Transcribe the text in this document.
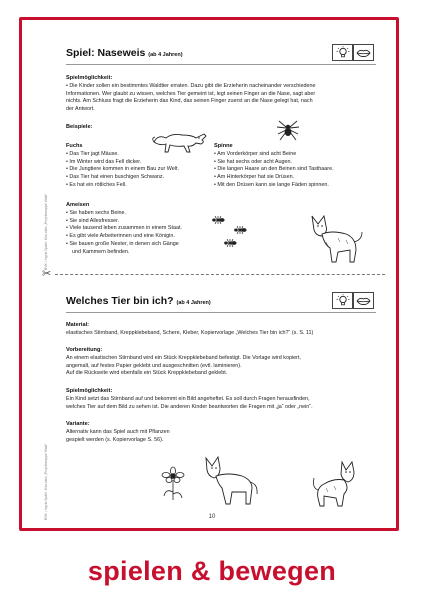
BVK • Ingrid Späth: Kita aktiv „Projektmappe Wald“
BVK • Ingrid Späth: Kita aktiv „Projektmappe Wald“
Spiel: Naseweis (ab 4 Jahren)
Spielmöglichkeit:
• Die Kinder sollen ein bestimmtes Waldtier erraten. Dazu gibt die Erzieherin nacheinander verschiedene
Informationen. Wer glaubt zu wissen, welches Tier gemeint ist, legt seinen Finger an die Nase, sagt aber
nichts. Am Schluss fragt die Erzieherin das Kind, das seinen Finger zuerst an die Nase gelegt hat, nach
der Antwort.
Beispiele:
Fuchs
• Das Tier jagt Mäuse.
• Im Winter wird das Fell dicker.
• Die Jungtiere kommen in einem Bau zur Welt.
• Das Tier hat einen buschigen Schwanz.
• Es hat ein rötliches Fell.
Spinne
• Am Vorderkörper sind acht Beine
• Sie hat sechs oder acht Augen.
• Die langen Haare an den Beinen sind Tasthaare.
• Am Hinterkörper hat sie Drüsen.
• Mit den Drüsen kann sie lange Fäden spinnen.
Ameisen
• Sie haben sechs Beine.
• Sie sind Allesfresser.
• Viele tausend leben zusammen in einem Staat.
• Es gibt viele Arbeiterinnen und eine Königin.
• Sie bauen große Nester, in denen sich Gänge
und Kammern befinden.
✂
Welches Tier bin ich? (ab 4 Jahren)
Material:
elastisches Stirnband, Kreppklebeband, Schere, Kleber, Kopiervorlage „Welches Tier bin ich?“ (s. S. 11)
Vorbereitung:
An einem elastischen Stirnband wird ein Stück Kreppklebeband befestigt. Die Vorlage wird kopiert,
angemalt, auf festes Papier geklebt und ausgeschnitten (evtl. laminieren).
Auf die Rückseite wird ebenfalls ein Stück Kreppklebeband geklebt.
Spielmöglichkeit:
Ein Kind setzt das Stirnband auf und bekommt ein Bild angeheftet. Es soll durch Fragen herausfinden,
welches Tier auf dem Bild zu sehen ist. Die anderen Kinder beantworten die Fragen mit „ja“ oder „nein“.
Variante:
Alternativ kann das Spiel auch mit Pflanzen
gespielt werden (s. Kopiervorlage S. 56).
10
spielen & bewegen
